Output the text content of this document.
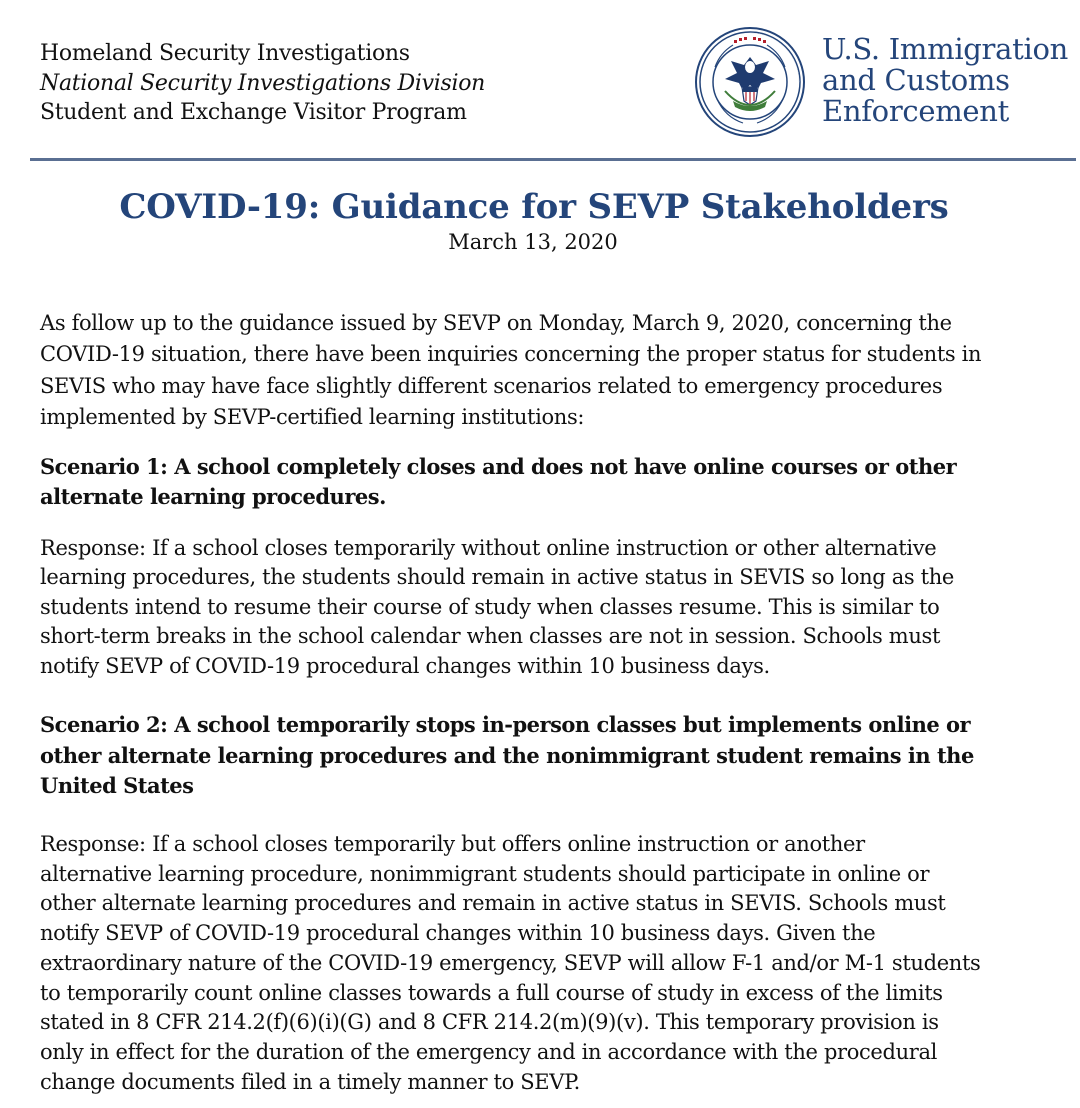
Homeland Security Investigations
National Security Investigations Division
Student and Exchange Visitor Program
U.S. Immigration
and Customs
Enforcement
COVID-19: Guidance for SEVP Stakeholders
March 13, 2020
As follow up to the guidance issued by SEVP on Monday, March 9, 2020, concerning the
COVID-19 situation, there have been inquiries concerning the proper status for students in
SEVIS who may have face slightly different scenarios related to emergency procedures
implemented by SEVP-certified learning institutions:
Scenario 1: A school completely closes and does not have online courses or other
alternate learning procedures.
Response: If a school closes temporarily without online instruction or other alternative
learning procedures, the students should remain in active status in SEVIS so long as the
students intend to resume their course of study when classes resume. This is similar to
short-term breaks in the school calendar when classes are not in session. Schools must
notify SEVP of COVID-19 procedural changes within 10 business days.
Scenario 2: A school temporarily stops in-person classes but implements online or
other alternate learning procedures and the nonimmigrant student remains in the
United States
Response: If a school closes temporarily but offers online instruction or another
alternative learning procedure, nonimmigrant students should participate in online or
other alternate learning procedures and remain in active status in SEVIS. Schools must
notify SEVP of COVID-19 procedural changes within 10 business days. Given the
extraordinary nature of the COVID-19 emergency, SEVP will allow F-1 and/or M-1 students
to temporarily count online classes towards a full course of study in excess of the limits
stated in 8 CFR 214.2(f)(6)(i)(G) and 8 CFR 214.2(m)(9)(v). This temporary provision is
only in effect for the duration of the emergency and in accordance with the procedural
change documents filed in a timely manner to SEVP.
